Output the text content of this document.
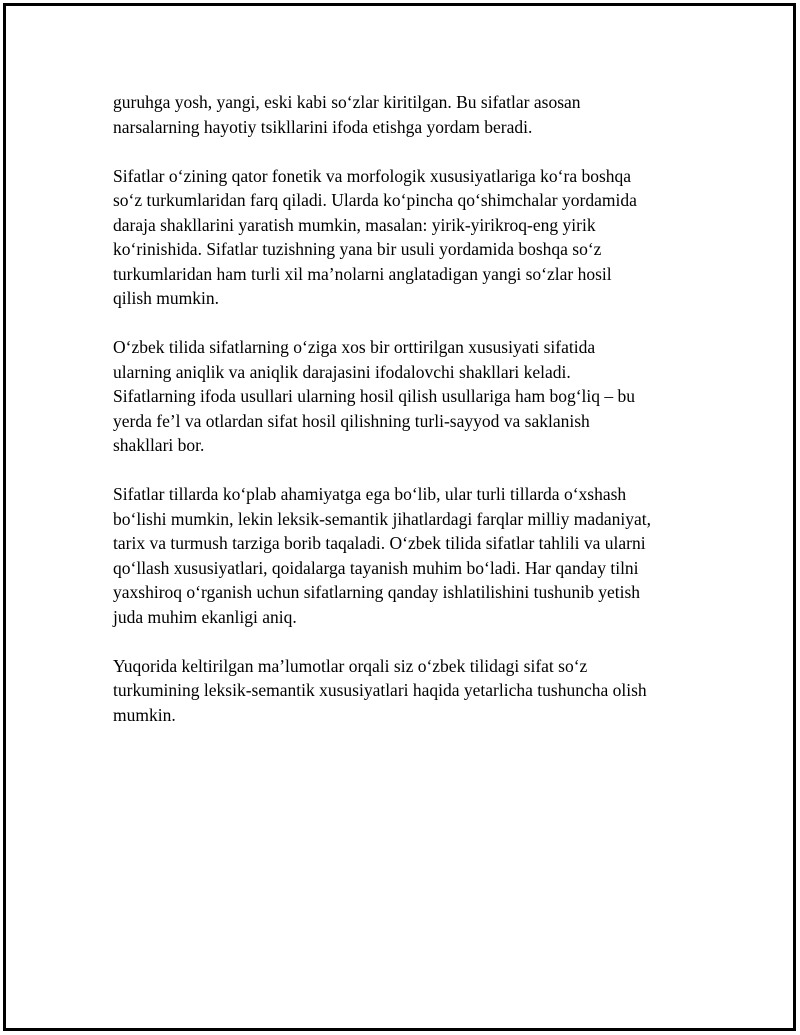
guruhga yosh, yangi, eski kabi so‘zlar kiritilgan. Bu sifatlar asosan
narsalarning hayotiy tsikllarini ifoda etishga yordam beradi.

Sifatlar o‘zining qator fonetik va morfologik xususiyatlariga ko‘ra boshqa
so‘z turkumlaridan farq qiladi. Ularda ko‘pincha qo‘shimchalar yordamida
daraja shakllarini yaratish mumkin, masalan: yirik-yirikroq-eng yirik
ko‘rinishida. Sifatlar tuzishning yana bir usuli yordamida boshqa so‘z
turkumlaridan ham turli xil ma’nolarni anglatadigan yangi so‘zlar hosil
qilish mumkin.

O‘zbek tilida sifatlarning o‘ziga xos bir orttirilgan xususiyati sifatida
ularning aniqlik va aniqlik darajasini ifodalovchi shakllari keladi.
Sifatlarning ifoda usullari ularning hosil qilish usullariga ham bog‘liq – bu
yerda fe’l va otlardan sifat hosil qilishning turli-sayyod va saklanish
shakllari bor.

Sifatlar tillarda ko‘plab ahamiyatga ega bo‘lib, ular turli tillarda o‘xshash
bo‘lishi mumkin, lekin leksik-semantik jihatlardagi farqlar milliy madaniyat,
tarix va turmush tarziga borib taqaladi. O‘zbek tilida sifatlar tahlili va ularni
qo‘llash xususiyatlari, qoidalarga tayanish muhim bo‘ladi. Har qanday tilni
yaxshiroq o‘rganish uchun sifatlarning qanday ishlatilishini tushunib yetish
juda muhim ekanligi aniq.

Yuqorida keltirilgan ma’lumotlar orqali siz o‘zbek tilidagi sifat so‘z
turkumining leksik-semantik xususiyatlari haqida yetarlicha tushuncha olish
mumkin.
